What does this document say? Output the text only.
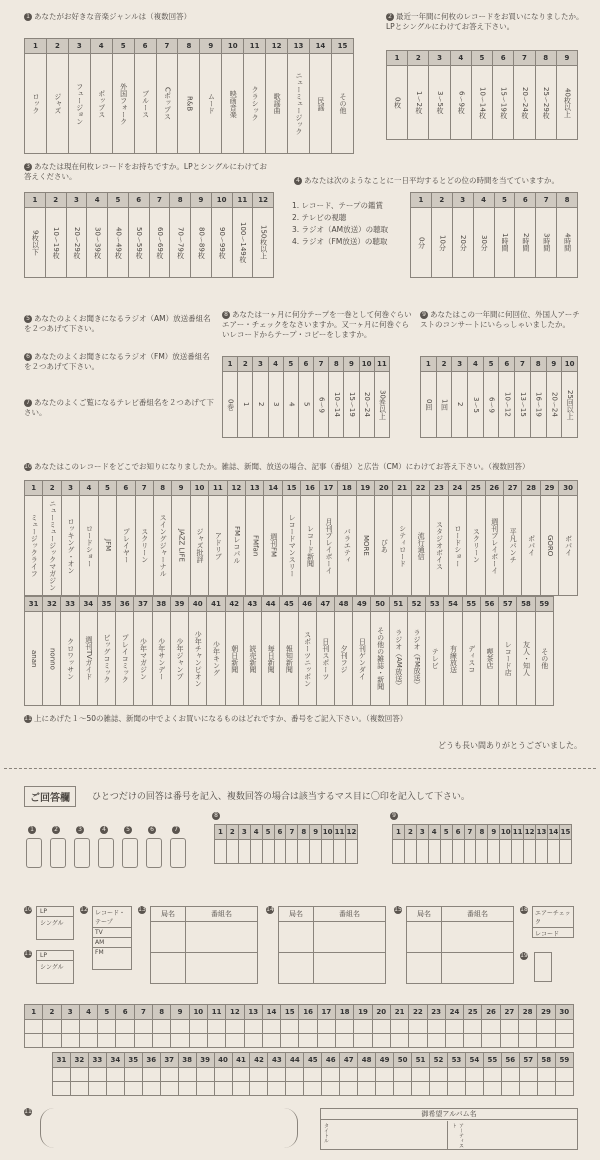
1 あなたがお好きな音楽ジャンルは（複数回答）
1	2	3	4	5	6	7	8	9	10	11	12	13	14	15

ロック	ジャズ	フュージョン	ポップス	外国フォーク	ブルース	Cポップス	R&B	ムード	映画音楽	クラシック	歌謡曲	ニューミュージック	民謡	その他
2 最近一年間に何枚のレコードをお買いになりましたか。LPとシングルにわけてお答え下さい。
1	2	3	4	5	6	7	8	9

0枚	1〜2枚	3〜5枚	6〜9枚	10〜14枚	15〜19枚	20〜24枚	25〜29枚	40枚以上
3 あなたは現在何枚レコードをお持ちですか。LPとシングルにわけてお答えください。
1	2	3	4	5	6	7	8	9	10	11	12

9枚以下	10〜19枚	20〜29枚	30〜39枚	40〜49枚	50〜59枚	60〜69枚	70〜79枚	80〜89枚	90〜99枚	100〜149枚	150枚以上
4 あなたは次のようなことに一日平均するとどの位の時間を当てていますか。
1. レコード、テープの鑑賞
2. テレビの視聴
3. ラジオ（AM放送）の聴取
4. ラジオ（FM放送）の聴取
1	2	3	4	5	6	7	8

0分	10分	20分	30分	1時間	2時間	3時間	4時間
5 あなたのよくお聞きになるラジオ（AM）放送番組名を２つあげて下さい。
6 あなたのよくお聞きになるラジオ（FM）放送番組名を２つあげて下さい。
7 あなたのよくご覧になるテレビ番組名を２つあげて下さい。
8 あなたは一ヶ月に何分テープを一巻として何巻ぐらいエアー・チェックをなさいますか。又一ヶ月に何巻ぐらいレコードからテープ・コピーをしますか。
1	2	3	4	5	6	7	8	9	10	11

0巻	1	2	3	4	5	6〜9	10〜14	15〜19	20〜24	30巻以上
9 あなたはこの一年間に何回位、外国人アーチストのコンサートにいらっしゃいましたか。
1	2	3	4	5	6	7	8	9	10

0回	1回	2	3〜5	6〜9	10〜12	13〜15	16〜19	20〜24	25回以上
10 あなたはこのレコードをどこでお知りになりましたか。雑誌、新聞、放送の場合、記事（番組）と広告（CM）にわけてお答え下さい。（複数回答）
1	2	3	4	5	6	7	8	9	10	11	12	13	14	15	16	17	18	19	20	21	22	23	24	25	26	27	28	29	30

ミュージックライフ	ニューミュージックマガジン	ロッキング・オン	ロードショー	JFM	プレイヤー	スクリーン	スイングジャーナル	JAZZ LIFE	ジャズ批評	アドリブ	FMレコパル	FMfan	週刊FM	レコードマンスリー	レコード新聞	月刊プレイボーイ	バラエティ	MORE	ぴあ	シティロード	流行通信	スタジオボイス	ロードショー	スクリーン	週刊プレイボーイ	平凡パンチ	ポパイ	GORO	ボパイ
31	32	33	34	35	36	37	38	39	40	41	42	43	44	45	46	47	48	49	50	51	52	53	54	55	56	57	58	59

anan	nonno	クロワッサン	週刊TVガイド	ビッグコミック	プレイコミック	少年マガジン	少年サンデー	少年ジャンプ	少年チャンピオン	少年キング	朝日新聞	読売新聞	毎日新聞	報知新聞	スポーツニッポン	日刊スポーツ	夕刊フジ	日刊ゲンダイ	その他の雑誌・新聞	ラジオ（AM放送）	ラジオ（FM放送）	テレビ	有線放送	ディスコ	喫茶店	レコード店	友人・知人	その他
11 上にあげた１〜50の雑誌、新聞の中でよくお買いになるものはどれですか、番号をご記入下さい。（複数回答）
どうも長い間ありがとうございました。
ご回答欄	ひとつだけの回答は番号を記入、複数回答の場合は該当するマス目に〇印を記入して下さい。
1	2	3	4	5	6	7
8
1	2	3	4	5	6	7	8	9	10	11	12

9
1	2	3	4	5	6	7	8	9	10	11	12	13	14	15

10	LP
シングル
11	LP
シングル
12
レコード・テープ
TV
AM
FM
13
局名	番組名
14
局名	番組名
15
局名	番組名
18
エアーチェック
レコード
19
1	2	3	4	5	6	7	8	9	10	11	12	13	14	15	16	17	18	19	20	21	22	23	24	25	26	27	28	29	30

31	32	33	34	35	36	37	38	39	40	41	42	43	44	45	46	47	48	49	50	51	52	53	54	55	56	57	58	59

11	御希望アルバム名
タイトル	アーティスト
